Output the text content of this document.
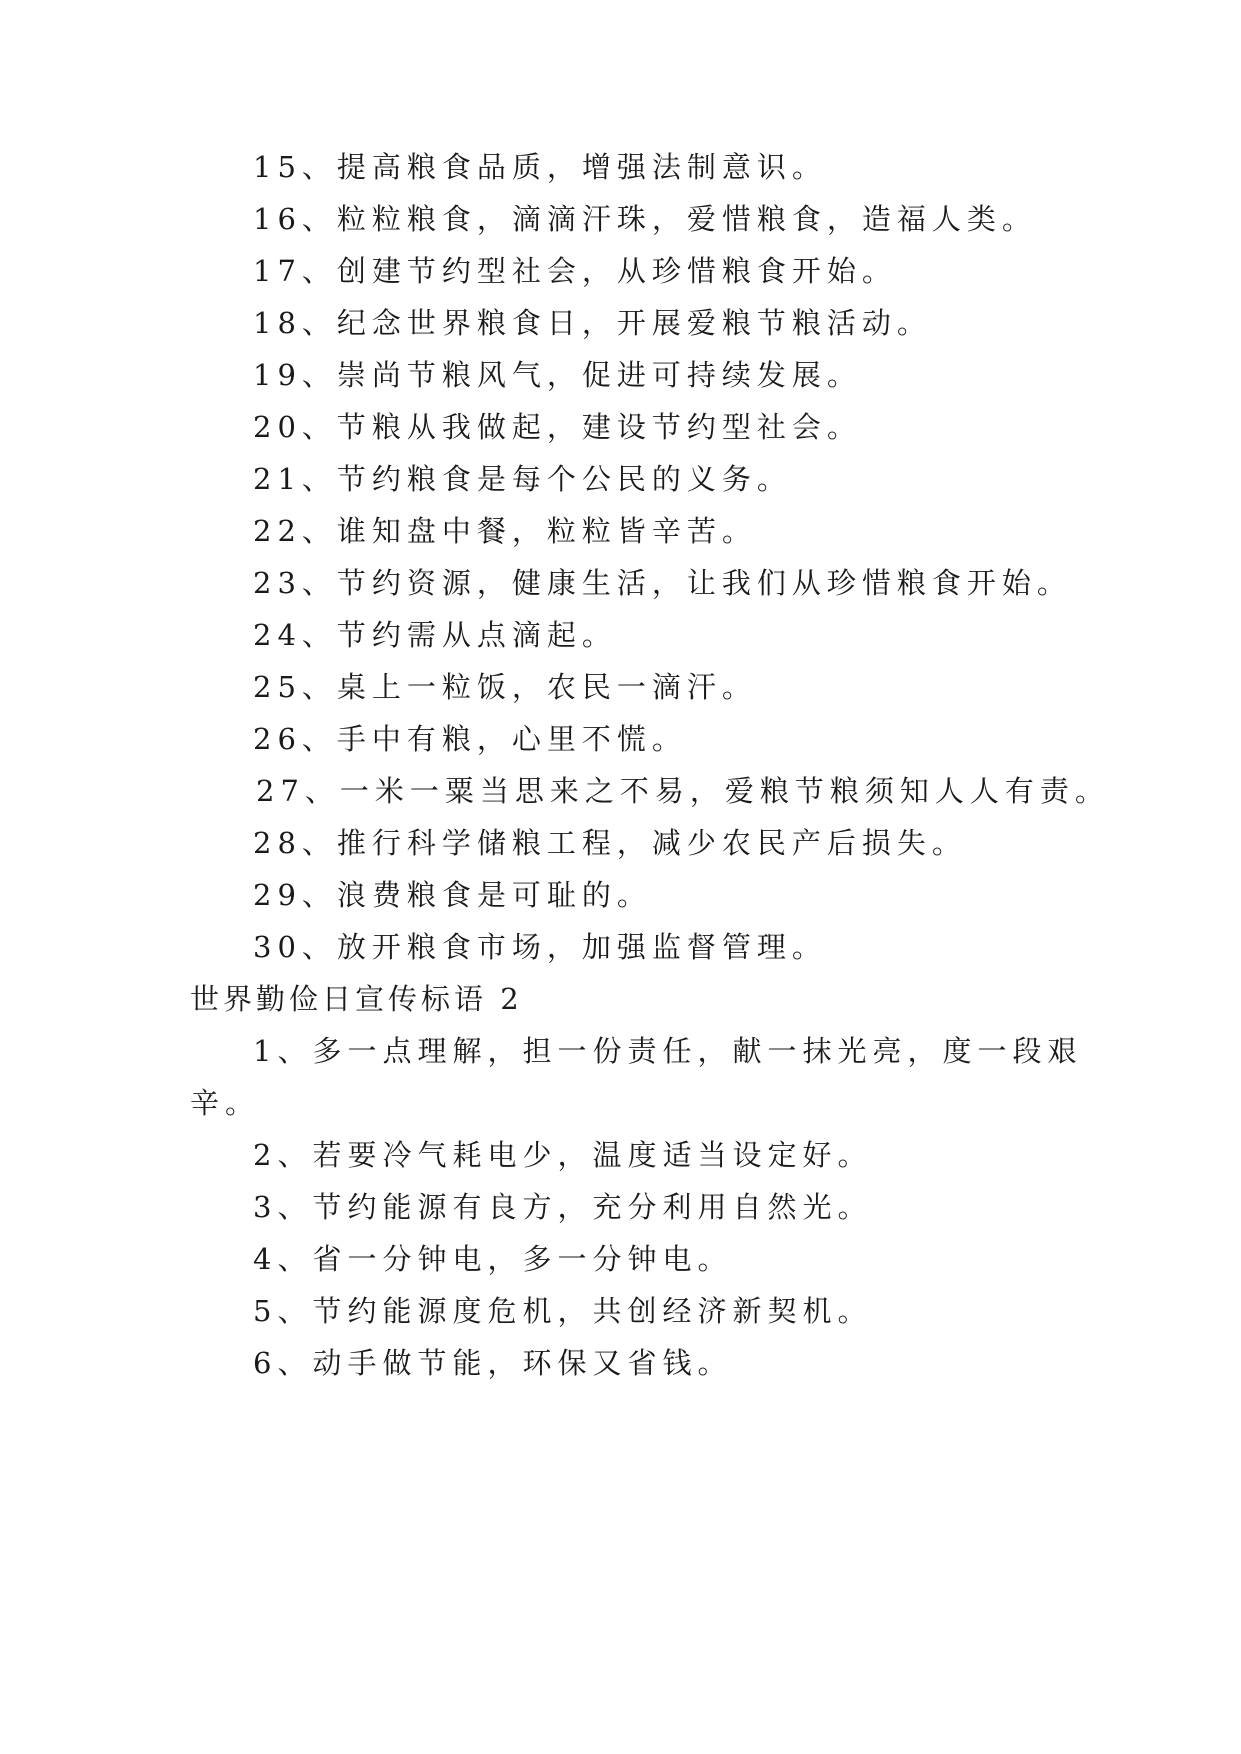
15、提高粮食品质，增强法制意识。
16、粒粒粮食，滴滴汗珠，爱惜粮食，造福人类。
17、创建节约型社会，从珍惜粮食开始。
18、纪念世界粮食日，开展爱粮节粮活动。
19、崇尚节粮风气，促进可持续发展。
20、节粮从我做起，建设节约型社会。
21、节约粮食是每个公民的义务。
22、谁知盘中餐，粒粒皆辛苦。
23、节约资源，健康生活，让我们从珍惜粮食开始。
24、节约需从点滴起。
25、桌上一粒饭，农民一滴汗。
26、手中有粮，心里不慌。
27、一米一粟当思来之不易，爱粮节粮须知人人有责。
28、推行科学储粮工程，减少农民产后损失。
29、浪费粮食是可耻的。
30、放开粮食市场，加强监督管理。
世界勤俭日宣传标语 2
1、多一点理解，担一份责任，献一抹光亮，度一段艰
辛。
2、若要冷气耗电少，温度适当设定好。
3、节约能源有良方，充分利用自然光。
4、省一分钟电，多一分钟电。
5、节约能源度危机，共创经济新契机。
6、动手做节能，环保又省钱。
